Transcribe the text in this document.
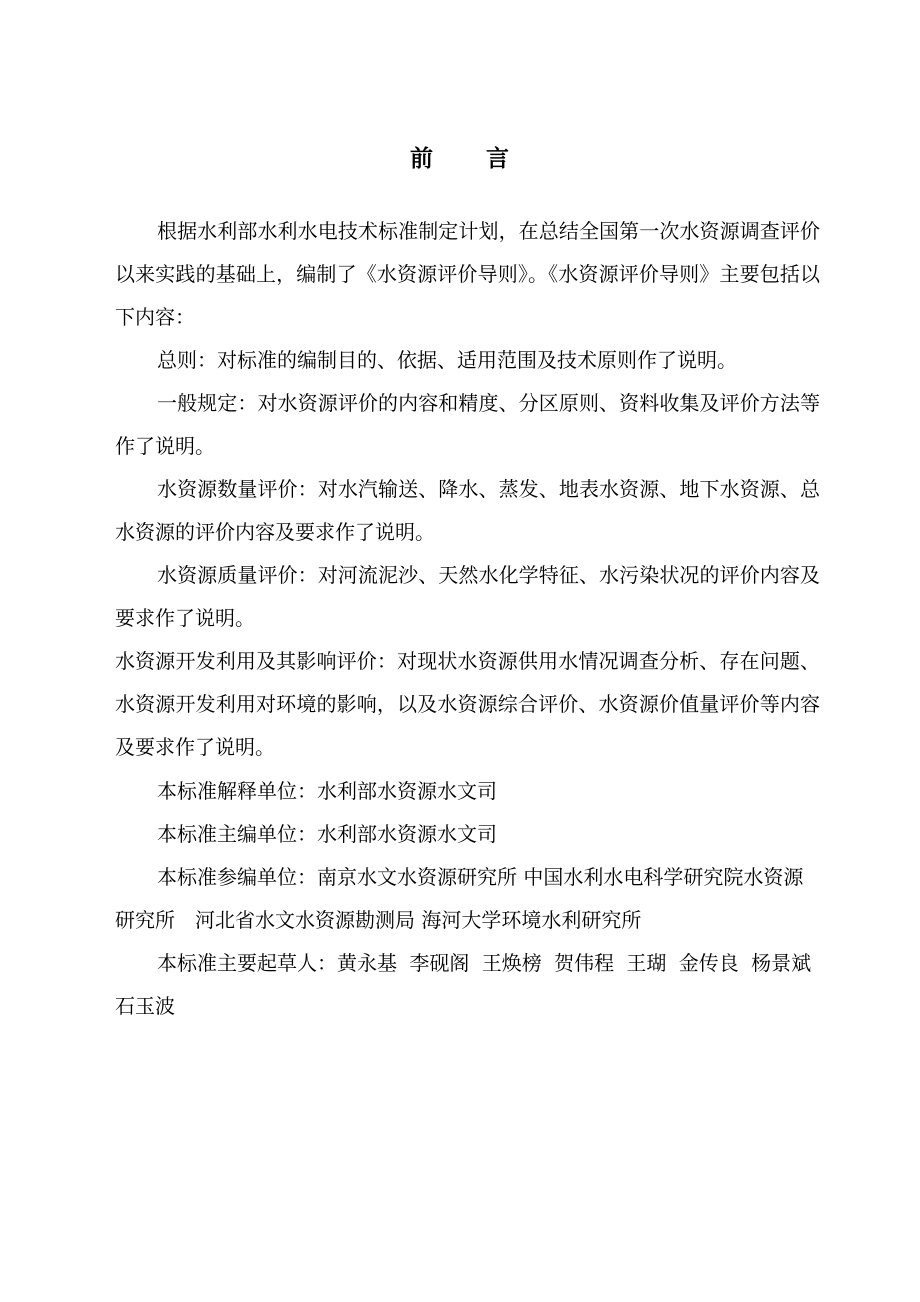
前 言

根据水利部水利水电技术标准制定计划，在总结全国第一次水资源调查评价以来实践的基础上，编制了《水资源评价导则》。《水资源评价导则》主要包括以下内容：

总则：对标准的编制目的、依据、适用范围及技术原则作了说明。

一般规定：对水资源评价的内容和精度、分区原则、资料收集及评价方法等作了说明。

水资源数量评价：对水汽输送、降水、蒸发、地表水资源、地下水资源、总水资源的评价内容及要求作了说明。

水资源质量评价：对河流泥沙、天然水化学特征、水污染状况的评价内容及要求作了说明。

水资源开发利用及其影响评价：对现状水资源供用水情况调查分析、存在问题、水资源开发利用对环境的影响，以及水资源综合评价、水资源价值量评价等内容及要求作了说明。

本标准解释单位：水利部水资源水文司

本标准主编单位：水利部水资源水文司

本标准参编单位：南京水文水资源研究所 中国水利水电科学研究院水资源研究所　河北省水文水资源勘测局 海河大学环境水利研究所

本标准主要起草人：黄永基 李砚阁 王焕榜 贺伟程 王瑚 金传良 杨景斌 石玉波
